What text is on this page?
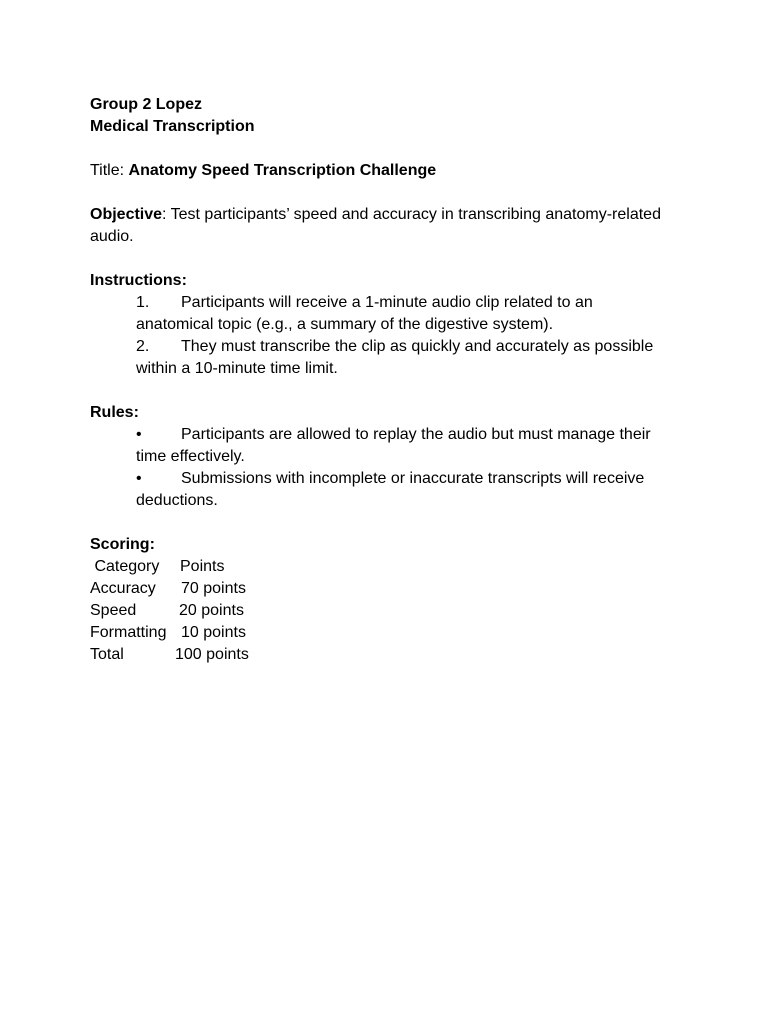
Group 2 Lopez
Medical Transcription
Title: Anatomy Speed Transcription Challenge
Objective: Test participants’ speed and accuracy in transcribing anatomy-related audio.
Instructions:
1. Participants will receive a 1-minute audio clip related to an anatomical topic (e.g., a summary of the digestive system).
2. They must transcribe the clip as quickly and accurately as possible within a 10-minute time limit.
Rules:
• Participants are allowed to replay the audio but must manage their time effectively.
• Submissions with incomplete or inaccurate transcripts will receive deductions.
Scoring:
Category	Points
Accuracy	70 points
Speed	20 points
Formatting 10 points
Total	100 points
